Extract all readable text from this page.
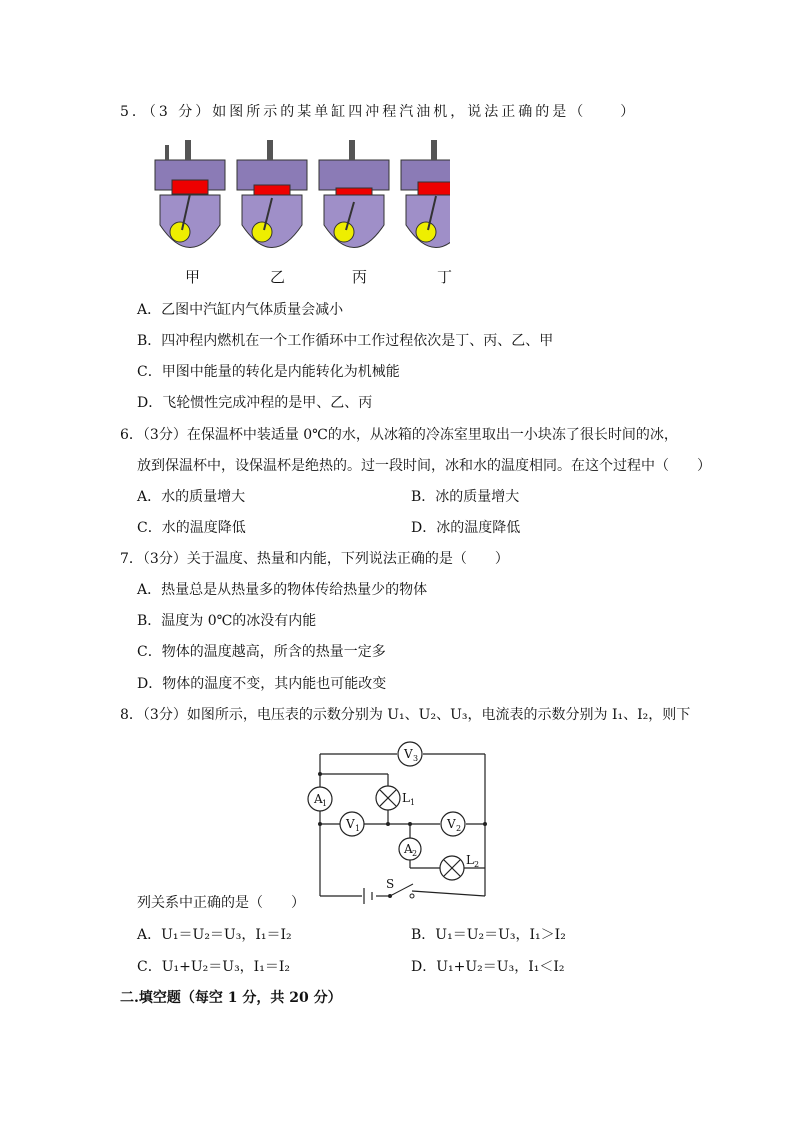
5．（3 分）如图所示的某单缸四冲程汽油机，说法正确的是（　　）
甲	乙	丙	丁
A．乙图中汽缸内气体质量会减小
B．四冲程内燃机在一个工作循环中工作过程依次是丁、丙、乙、甲
C．甲图中能量的转化是内能转化为机械能
D．飞轮惯性完成冲程的是甲、乙、丙
6．（3分）在保温杯中装适量 0℃的水，从冰箱的冷冻室里取出一小块冻了很长时间的冰，
放到保温杯中，设保温杯是绝热的。过一段时间，冰和水的温度相同。在这个过程中（　　）
A．水的质量增大	B．冰的质量增大
C．水的温度降低	D．冰的温度降低
7．（3分）关于温度、热量和内能，下列说法正确的是（　　）
A．热量总是从热量多的物体传给热量少的物体
B．温度为 0℃的冰没有内能
C．物体的温度越高，所含的热量一定多
D．物体的温度不变，其内能也可能改变
8．（3分）如图所示，电压表的示数分别为 U₁、U₂、U₃，电流表的示数分别为 I₁、I₂，则下
V 3
A 1
V 1	V 2
A 2
L 1
L 2
S
列关系中正确的是（　　）
A．U₁＝U₂＝U₃，I₁＝I₂	B．U₁＝U₂＝U₃，I₁＞I₂
C．U₁+U₂＝U₃，I₁＝I₂	D．U₁+U₂＝U₃，I₁＜I₂
二.填空题（每空 1 分，共 20 分）
